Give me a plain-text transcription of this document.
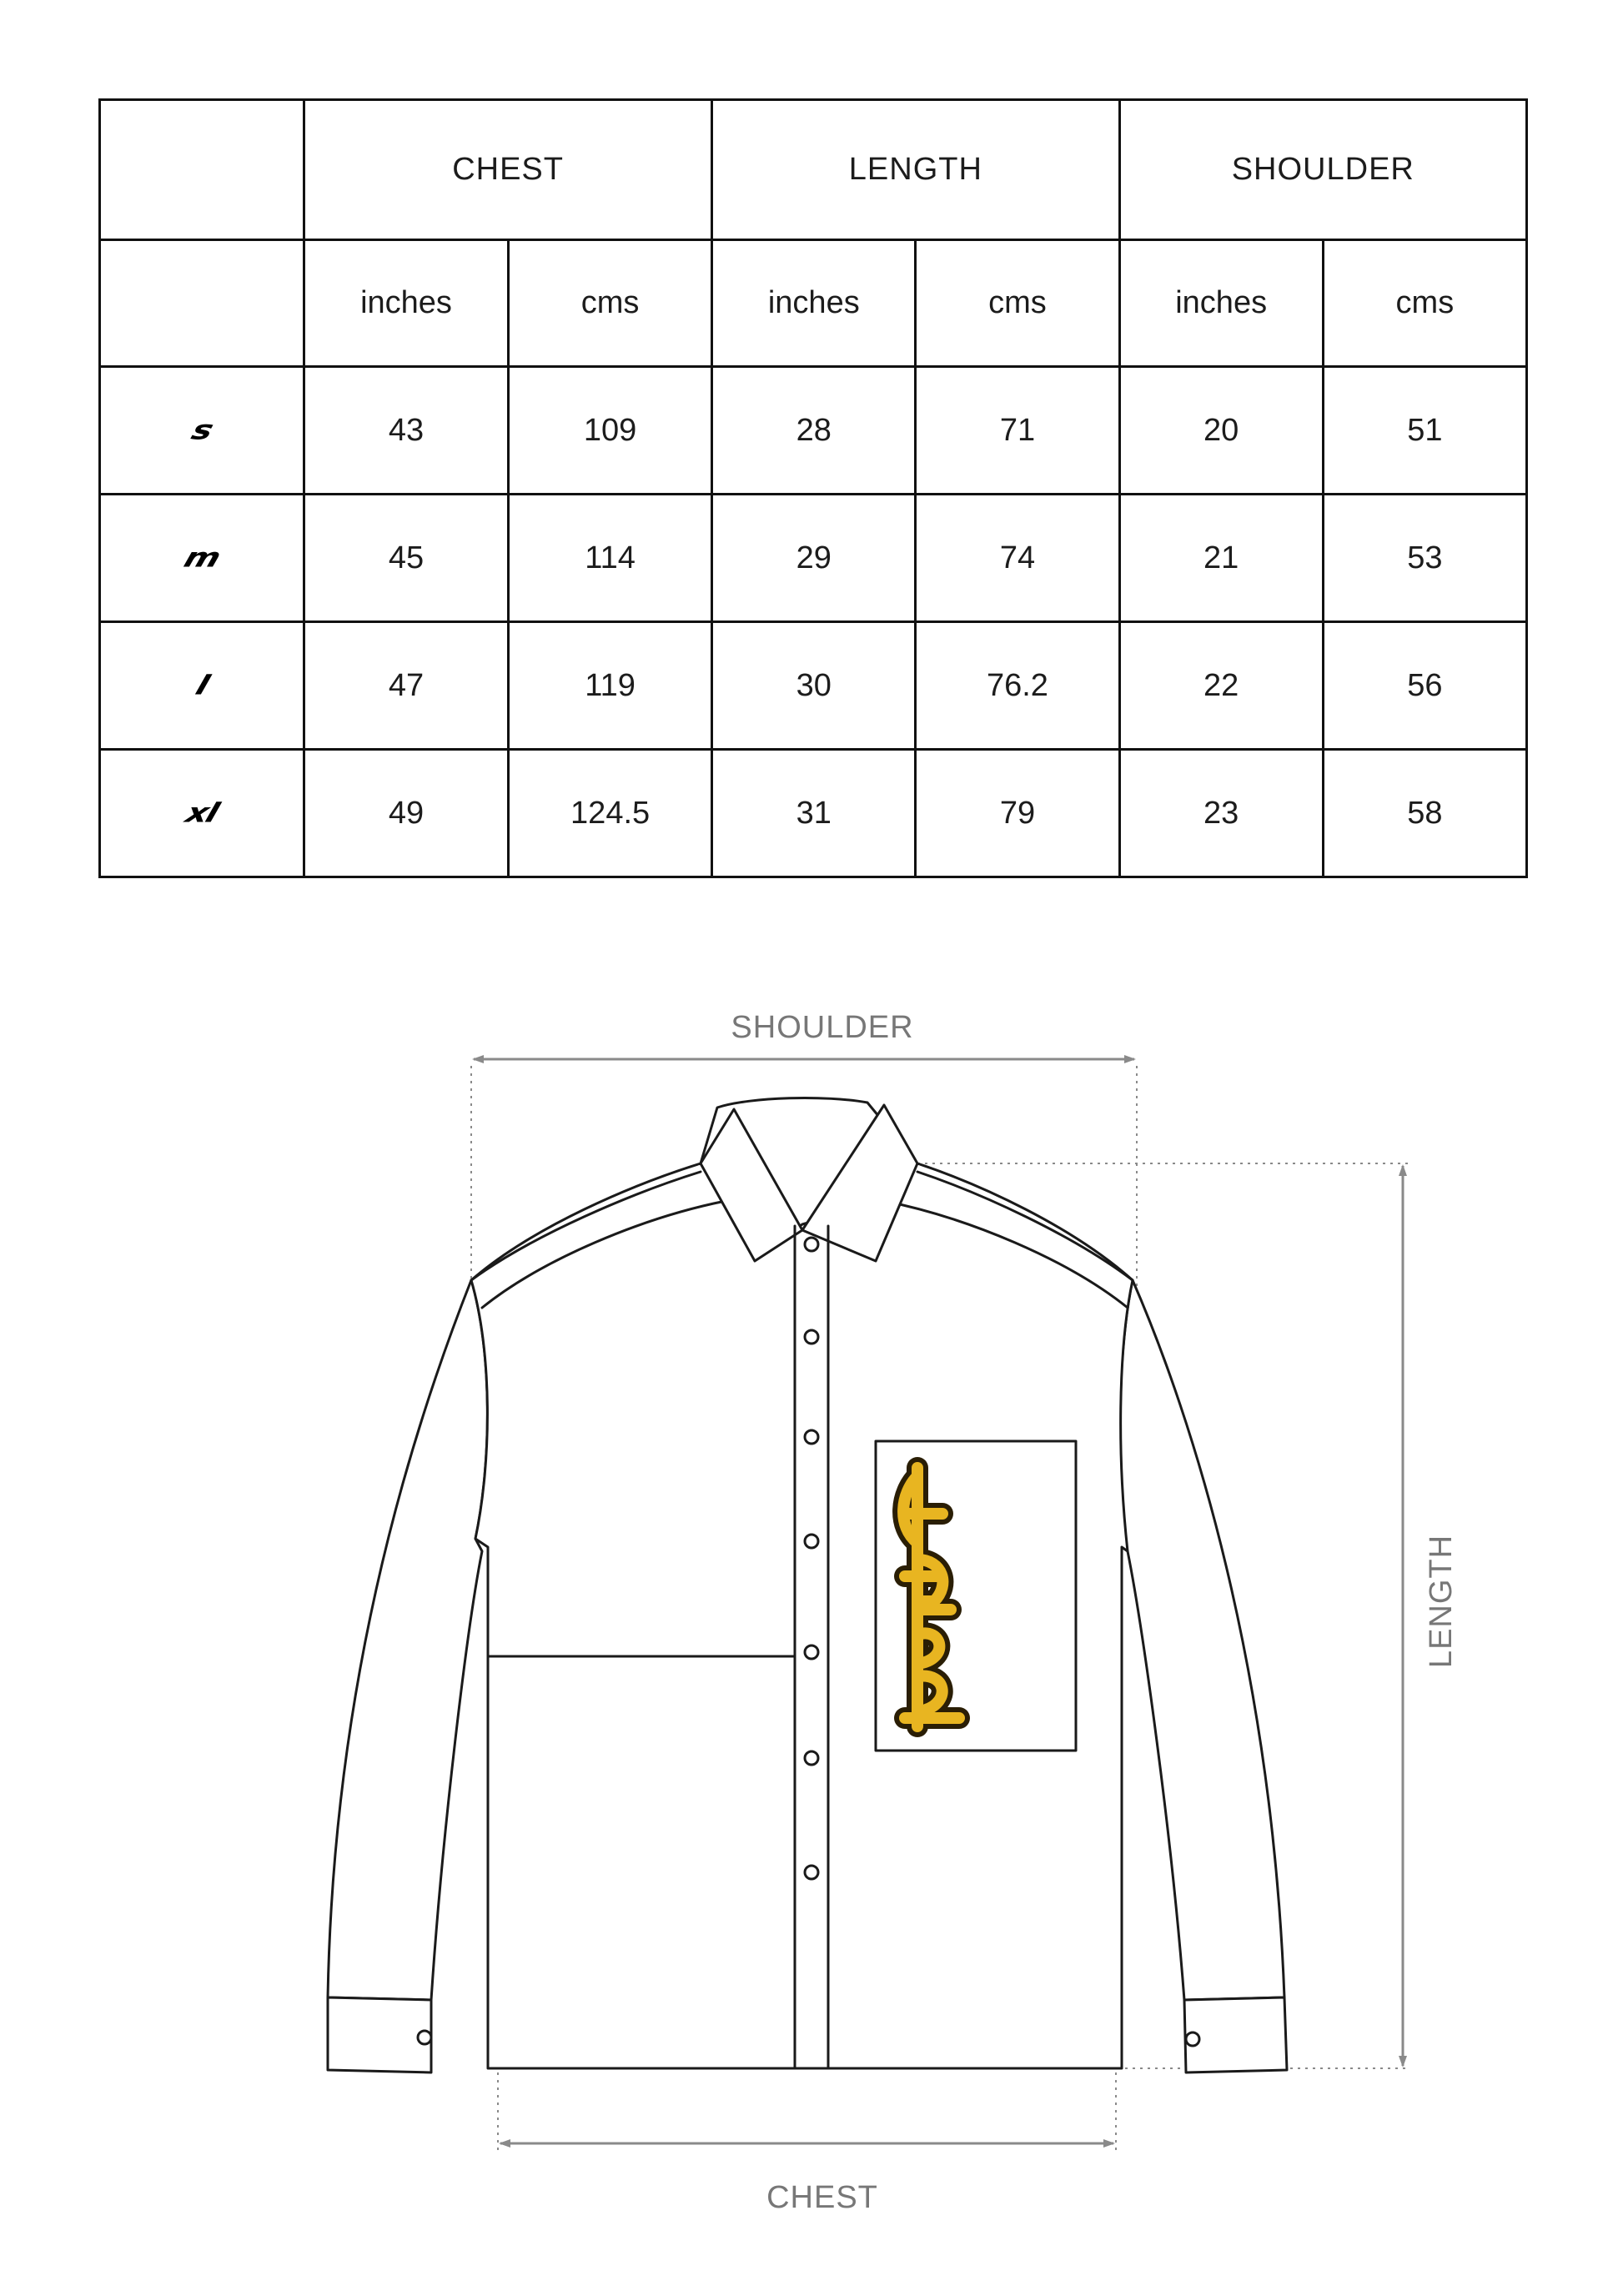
	CHEST		LENGTH		SHOULDER	
	inches	cms	inches	cms	inches	cms
s	43	109	28	71	20	51
m	45	114	29	74	21	53
l	47	119	30	76.2	22	56
xl	49	124.5	31	79	23	58
SHOULDER
CHEST
LENGTH
